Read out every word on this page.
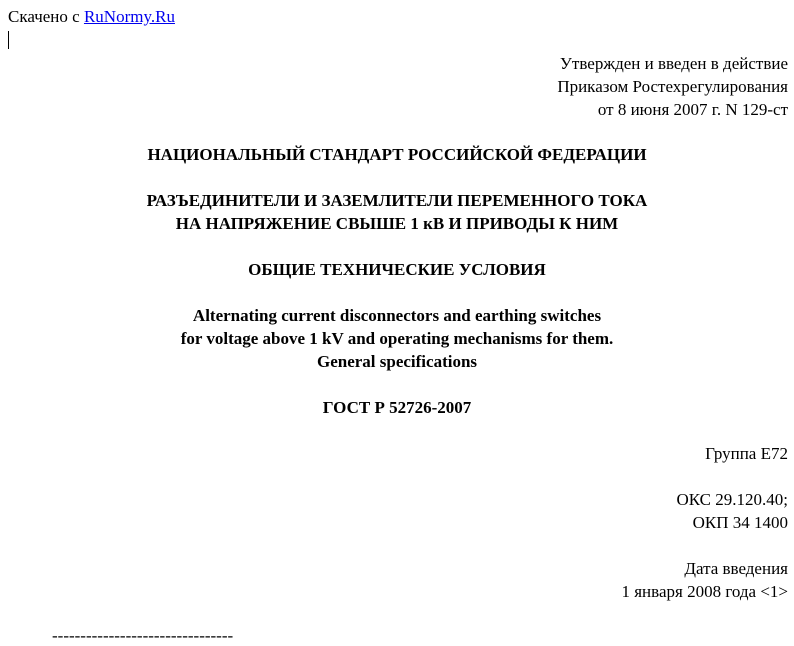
Скачено с RuNormy.Ru
Утвержден и введен в действие
Приказом Ростехрегулирования
от 8 июня 2007 г. N 129-ст
НАЦИОНАЛЬНЫЙ СТАНДАРТ РОССИЙСКОЙ ФЕДЕРАЦИИ
РАЗЪЕДИНИТЕЛИ И ЗАЗЕМЛИТЕЛИ ПЕРЕМЕННОГО ТОКА
НА НАПРЯЖЕНИЕ СВЫШЕ 1 кВ И ПРИВОДЫ К НИМ
ОБЩИЕ ТЕХНИЧЕСКИЕ УСЛОВИЯ
Alternating current disconnectors and earthing switches
for voltage above 1 kV and operating mechanisms for them.
General specifications
ГОСТ Р 52726-2007
Группа Е72
ОКС 29.120.40;
ОКП 34 1400
Дата введения
1 января 2008 года <1>
--------------------------------
